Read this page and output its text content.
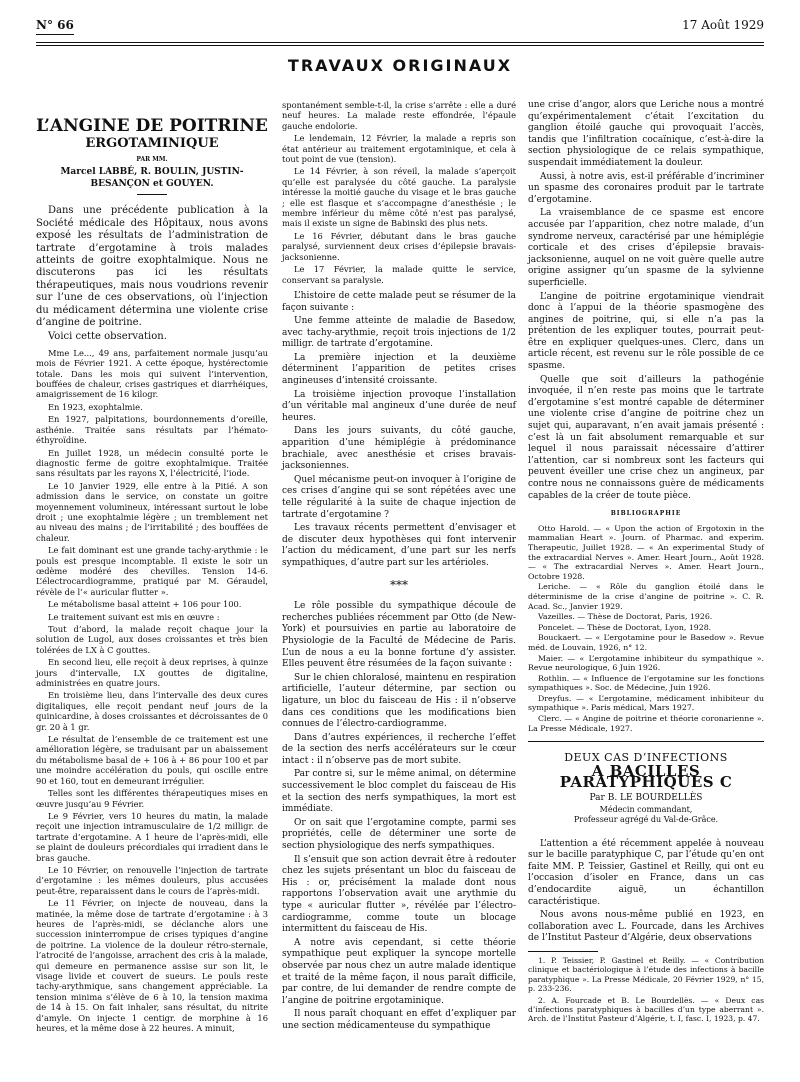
N° 66	17 Août 1929
TRAVAUX ORIGINAUX
L’ANGINE DE POITRINE
ERGOTAMINIQUE
PAR MM.
Marcel LABBÉ, R. BOULIN, JUSTIN-BESANÇON et GOUYEN.

Dans une précédente publication à la Société médicale des Hôpitaux, nous avons exposé les résultats de l’administration de tartrate d’ergotamine à trois malades atteints de goitre exophtalmique. Nous ne discuterons pas ici les résultats thérapeutiques, mais nous voudrions revenir sur l’une de ces observations, où l’injection du médicament détermina une violente crise d’angine de poitrine.

Voici cette observation.

Mme Le..., 49 ans, parfaitement normale jusqu’au mois de Février 1921. A cette époque, hystérectomie totale. Dans les mois qui suivent l’intervention, bouffées de chaleur, crises gastriques et diarrhéiques, amaigrissement de 16 kilogr.

En 1923, exophtalmie.

En 1927, palpitations, bourdonnements d’oreille, asthénie. Traitée sans résultats par l’hémato-éthyroïdine.

En Juillet 1928, un médecin consulté porte le diagnostic ferme de goitre exophtalmique. Traitée sans résultats par les rayons X, l’électricité, l’iode.

Le 10 Janvier 1929, elle entre à la Pitié. A son admission dans le service, on constate un goitre moyennement volumineux, intéressant surtout le lobe droit ; une exophtalmie légère ; un tremblement net au niveau des mains ; de l’irritabilité ; des bouffées de chaleur.

Le fait dominant est une grande tachy-arythmie : le pouls est presque incomptable. Il existe le soir un œdème modéré des chevilles. Tension 14-6. L’électrocardiogramme, pratiqué par M. Géraudel, révèle de l’« auricular flutter ».

Le métabolisme basal atteint + 106 pour 100.

Le traitement suivant est mis en œuvre :

Tout d’abord, la malade reçoit chaque jour la solution de Lugol, aux doses croissantes et très bien tolérées de LX à C gouttes.

En second lieu, elle reçoit à deux reprises, à quinze jours d’intervalle, LX gouttes de digitaline, administrées en quatre jours.

En troisième lieu, dans l’intervalle des deux cures digitaliques, elle reçoit pendant neuf jours de la quinicardine, à doses croissantes et décroissantes de 0 gr. 20 à 1 gr.

Le résultat de l’ensemble de ce traitement est une amélioration légère, se traduisant par un abaissement du métabolisme basal de + 106 à + 86 pour 100 et par une moindre accélération du pouls, qui oscille entre 90 et 160, tout en demeurant irrégulier.

Telles sont les différentes thérapeutiques mises en œuvre jusqu’au 9 Février.

Le 9 Février, vers 10 heures du matin, la malade reçoit une injection intramusculaire de 1/2 milligr. de tartrate d’ergotamine. A 1 heure de l’après-midi, elle se plaint de douleurs précordiales qui irradient dans le bras gauche.

Le 10 Février, on renouvelle l’injection de tartrate d’ergotamine : les mêmes douleurs, plus accusées peut-être, reparaissent dans le cours de l’après-midi.

Le 11 Février, on injecte de nouveau, dans la matinée, la même dose de tartrate d’ergotamine : à 3 heures de l’après-midi, se déclanche alors une succession ininterrompue de crises typiques d’angine de poitrine. La violence de la douleur rétro-sternale, l’atrocité de l’angoisse, arrachent des cris à la malade, qui demeure en permanence assise sur son lit, le visage livide et couvert de sueurs. Le pouls reste tachy-arythmique, sans changement appréciable. La tension minima s’élève de 6 à 10, la tension maxima de 14 à 15. On fait inhaler, sans résultat, du nitrite d’amyle. On injecte 1 centigr. de morphine à 16 heures, et la même dose à 22 heures. A minuit,

spontanément semble-t-il, la crise s’arrête : elle a duré neuf heures. La malade reste effondrée, l’épaule gauche endolorie.

Le lendemain, 12 Février, la malade a repris son état antérieur au traitement ergotaminique, et cela à tout point de vue (tension).

Le 14 Février, à son réveil, la malade s’aperçoit qu’elle est paralysée du côté gauche. La paralysie intéresse la moitié gauche du visage et le bras gauche ; elle est flasque et s’accompagne d’anesthésie ; le membre inférieur du même côté n’est pas paralysé, mais il existe un signe de Babinski des plus nets.

Le 16 Février, débutant dans le bras gauche paralysé, surviennent deux crises d’épilepsie bravais-jacksonienne.

Le 17 Février, la malade quitte le service, conservant sa paralysie.

L’histoire de cette malade peut se résumer de la façon suivante :

Une femme atteinte de maladie de Basedow, avec tachy-arythmie, reçoit trois injections de 1/2 milligr. de tartrate d’ergotamine.

La première injection et la deuxième déterminent l’apparition de petites crises angineuses d’intensité croissante.

La troisième injection provoque l’installation d’un véritable mal angineux d’une durée de neuf heures.

Dans les jours suivants, du côté gauche, apparition d’une hémiplégie à prédominance brachiale, avec anesthésie et crises bravais-jacksoniennes.

Quel mécanisme peut-on invoquer à l’origine de ces crises d’angine qui se sont répétées avec une telle régularité à la suite de chaque injection de tartrate d’ergotamine ?

Les travaux récents permettent d’envisager et de discuter deux hypothèses qui font intervenir l’action du médicament, d’une part sur les nerfs sympathiques, d’autre part sur les artérioles.

***

Le rôle possible du sympathique découle de recherches publiées récemment par Otto (de New-York) et poursuivies en partie au laboratoire de Physiologie de la Faculté de Médecine de Paris. L’un de nous a eu la bonne fortune d’y assister. Elles peuvent être résumées de la façon suivante :

Sur le chien chloralosé, maintenu en respiration artificielle, l’auteur détermine, par section ou ligature, un bloc du faisceau de His : il n’observe dans ces conditions que les modifications bien connues de l’électro-cardiogramme.

Dans d’autres expériences, il recherche l’effet de la section des nerfs accélérateurs sur le cœur intact : il n’observe pas de mort subite.

Par contre si, sur le même animal, on détermine successivement le bloc complet du faisceau de His et la section des nerfs sympathiques, la mort est immédiate.

Or on sait que l’ergotamine compte, parmi ses propriétés, celle de déterminer une sorte de section physiologique des nerfs sympathiques.

Il s’ensuit que son action devrait être à redouter chez les sujets présentant un bloc du faisceau de His : or, précisément la malade dont nous rapportons l’observation avait une arythmie du type « auricular flutter », révélée par l’électro-cardiogramme, comme toute un blocage intermittent du faisceau de His.

A notre avis cependant, si cette théorie sympathique peut expliquer la syncope mortelle observée par nous chez un autre malade identique et traité de la même façon, il nous paraît difficile, par contre, de lui demander de rendre compte de l’angine de poitrine ergotaminique.

Il nous paraît choquant en effet d’expliquer par une section médicamenteuse du sympathique

une crise d’angor, alors que Leriche nous a montré qu’expérimentalement c’était l’excitation du ganglion étoilé gauche qui provoquait l’accès, tandis que l’infiltration cocaïnique, c’est-à-dire la section physiologique de ce relais sympathique, suspendait immédiatement la douleur.

Aussi, à notre avis, est-il préférable d’incriminer un spasme des coronaires produit par le tartrate d’ergotamine.

La vraisemblance de ce spasme est encore accusée par l’apparition, chez notre malade, d’un syndrome nerveux, caractérisé par une hémiplégie corticale et des crises d’épilepsie bravais-jacksonienne, auquel on ne voit guère quelle autre origine assigner qu’un spasme de la sylvienne superficielle.

L’angine de poitrine ergotaminique viendrait donc à l’appui de la théorie spasmogène des angines de poitrine, qui, si elle n’a pas la prétention de les expliquer toutes, pourrait peut-être en expliquer quelques-unes. Clerc, dans un article récent, est revenu sur le rôle possible de ce spasme.

Quelle que soit d’ailleurs la pathogénie invoquée, il n’en reste pas moins que le tartrate d’ergotamine s’est montré capable de déterminer une violente crise d’angine de poitrine chez un sujet qui, auparavant, n’en avait jamais présenté : c’est là un fait absolument remarquable et sur lequel il nous paraissait nécessaire d’attirer l’attention, car si nombreux sont les facteurs qui peuvent éveiller une crise chez un angineux, par contre nous ne connaissons guère de médicaments capables de la créer de toute pièce.

BIBLIOGRAPHIE

Otto Harold. — « Upon the action of Ergotoxin in the mammalian Heart ». Journ. of Pharmac. and experim. Therapeutic, Juillet 1928. — « An experimental Study of the extracardial Nerves ». Amer. Heart Journ., Août 1928. — « The extracardial Nerves ». Amer. Heart Journ., Octobre 1928.

Leriche. — « Rôle du ganglion étoilé dans le déterminisme de la crise d’angine de poitrine ». C. R. Acad. Sc., Janvier 1929.

Vazeilles. — Thèse de Doctorat, Paris, 1926.

Poncelet. — Thèse de Doctorat, Lyon, 1928.

Bouckaert. — « L’ergotamine pour le Basedow ». Revue méd. de Louvain, 1926, n° 12.

Maier. — « L’ergotamine inhibiteur du sympathique ». Revue neurologique, 6 Juin 1926.

Rothlin. — « Influence de l’ergotamine sur les fonctions sympathiques ». Soc. de Médecine, Juin 1926.

Dreyfus. — « L’ergotamine, médicament inhibiteur du sympathique ». Paris médical, Mars 1927.

Clerc. — « Angine de poitrine et théorie coronarienne ». La Presse Médicale, 1927.

DEUX CAS D’INFECTIONS
A BACILLES PARATYPHIQUES C
Par B. LE BOURDELLÈS
Médecin commandant,
Professeur agrégé du Val-de-Grâce.

L’attention a été récemment appelée à nouveau sur le bacille paratyphique C, par l’étude qu’en ont faite MM. P. Teissier, Gastinel et Reilly, qui ont eu l’occasion d’isoler en France, dans un cas d’endocardite aiguë, un échantillon caractéristique.

Nous avons nous-même publié en 1923, en collaboration avec L. Fourcade, dans les Archives de l’Institut Pasteur d’Algérie, deux observations

1. P. Teissier, P. Gastinel et Reilly. — « Contribution clinique et bactériologique à l’étude des infections à bacille paratyphique ». La Presse Médicale, 20 Février 1929, n° 15, p. 233-236.

2. A. Fourcade et B. Le Bourdellès. — « Deux cas d’infections paratyphiques à bacilles d’un type aberrant ». Arch. de l’Institut Pasteur d’Algérie, t. I, fasc. I, 1923, p. 47.
